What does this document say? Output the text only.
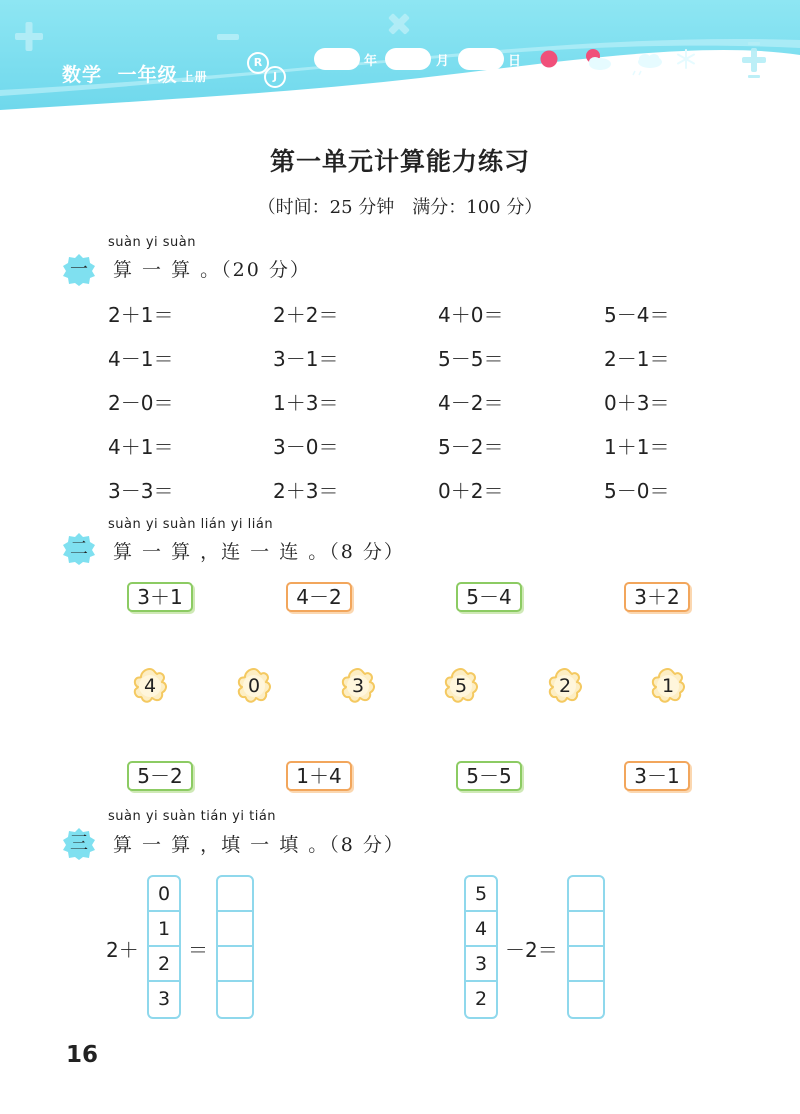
数学 一年级 上册
R
J
年	月	日
第一单元计算能力练习
（时间：25 分钟　满分：100 分）
suàn yi suàn
一	算 一 算 。（20 分）
2＋1＝	2＋2＝	4＋0＝	5－4＝
4－1＝	3－1＝	5－5＝	2－1＝
2－0＝	1＋3＝	4－2＝	0＋3＝
4＋1＝	3－0＝	5－2＝	1＋1＝
3－3＝	2＋3＝	0＋2＝	5－0＝
suàn yi suàn lián yi lián
二	算 一 算 ，连 一 连 。（8 分）
3＋1	4－2	5－4	3＋2
4	0	3	5	2	1
5－2	1＋4	5－5	3－1
suàn yi suàn tián yi tián
三	算 一 算 ，填 一 填 。（8 分）
2＋
0
1
2
3
＝
5
4
3
2
－2＝
16
